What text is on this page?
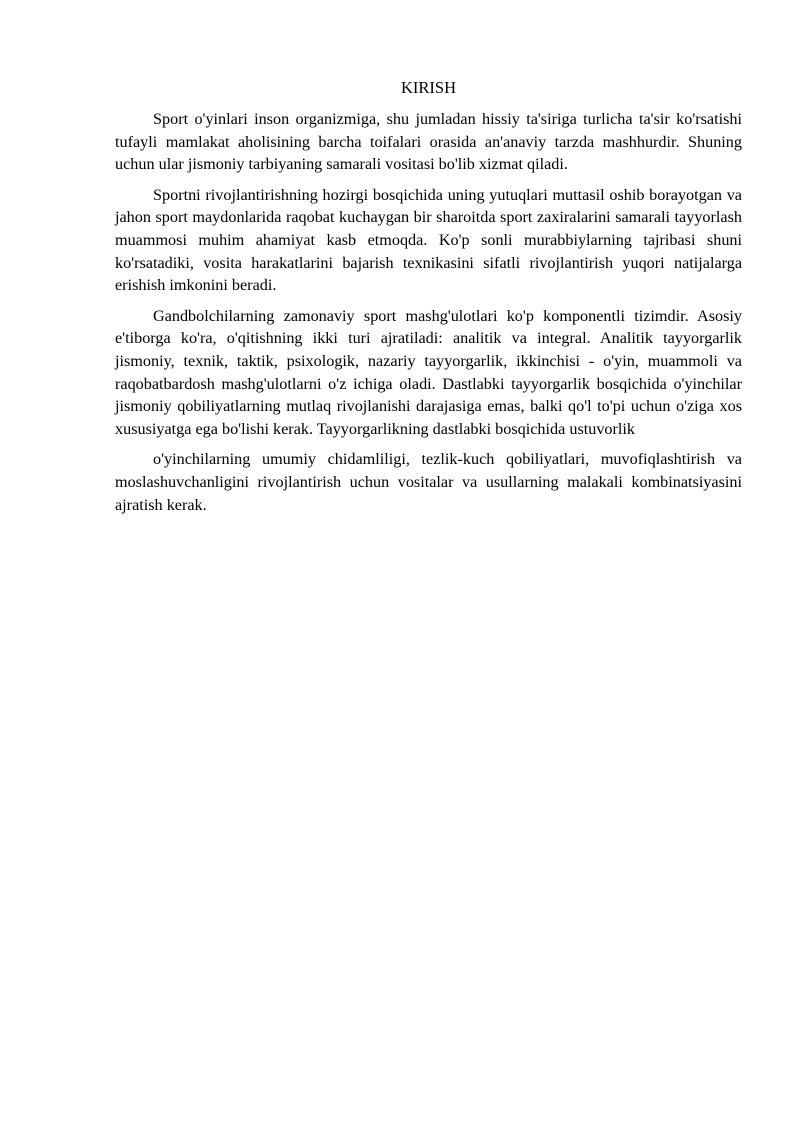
KIRISH

Sport o'yinlari inson organizmiga, shu jumladan hissiy ta'siriga turlicha ta'sir ko'rsatishi tufayli mamlakat aholisining barcha toifalari orasida an'anaviy tarzda mashhurdir. Shuning uchun ular jismoniy tarbiyaning samarali vositasi bo'lib xizmat qiladi.

Sportni rivojlantirishning hozirgi bosqichida uning yutuqlari muttasil oshib borayotgan va jahon sport maydonlarida raqobat kuchaygan bir sharoitda sport zaxiralarini samarali tayyorlash muammosi muhim ahamiyat kasb etmoqda. Ko'p sonli murabbiylarning tajribasi shuni ko'rsatadiki, vosita harakatlarini bajarish texnikasini sifatli rivojlantirish yuqori natijalarga erishish imkonini beradi.

Gandbolchilarning zamonaviy sport mashg'ulotlari ko'p komponentli tizimdir. Asosiy e'tiborga ko'ra, o'qitishning ikki turi ajratiladi: analitik va integral. Analitik tayyorgarlik jismoniy, texnik, taktik, psixologik, nazariy tayyorgarlik, ikkinchisi - o'yin, muammoli va raqobatbardosh mashg'ulotlarni o'z ichiga oladi. Dastlabki tayyorgarlik bosqichida o'yinchilar jismoniy qobiliyatlarning mutlaq rivojlanishi darajasiga emas, balki qo'l to'pi uchun o'ziga xos xususiyatga ega bo'lishi kerak. Tayyorgarlikning dastlabki bosqichida ustuvorlik

o'yinchilarning umumiy chidamliligi, tezlik-kuch qobiliyatlari, muvofiqlashtirish va moslashuvchanligini rivojlantirish uchun vositalar va usullarning malakali kombinatsiyasini ajratish kerak.
